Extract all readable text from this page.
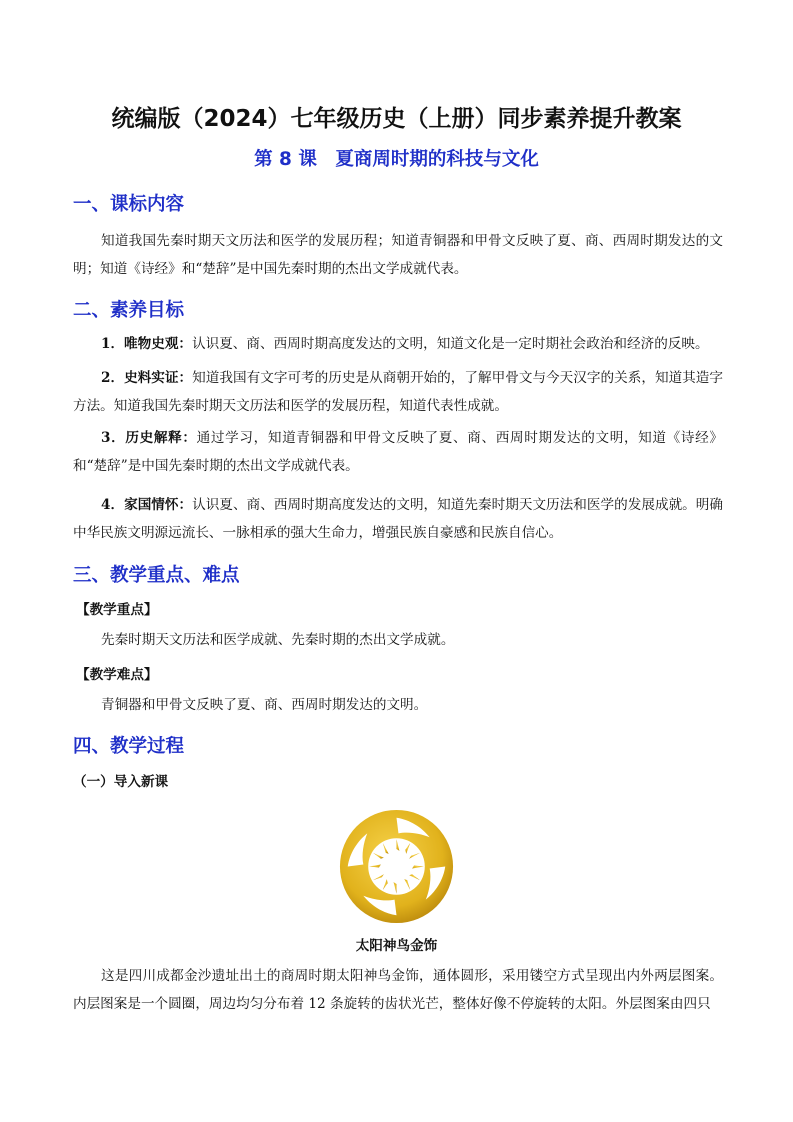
统编版（2024）七年级历史（上册）同步素养提升教案
第 8 课　夏商周时期的科技与文化
一、课标内容
知道我国先秦时期天文历法和医学的发展历程；知道青铜器和甲骨文反映了夏、商、西周时期发达的文明；知道《诗经》和“楚辞”是中国先秦时期的杰出文学成就代表。
二、素养目标
1．唯物史观：认识夏、商、西周时期高度发达的文明，知道文化是一定时期社会政治和经济的反映。
2．史料实证：知道我国有文字可考的历史是从商朝开始的，了解甲骨文与今天汉字的关系，知道其造字方法。知道我国先秦时期天文历法和医学的发展历程，知道代表性成就。
3．历史解释：通过学习，知道青铜器和甲骨文反映了夏、商、西周时期发达的文明，知道《诗经》和“楚辞”是中国先秦时期的杰出文学成就代表。
4．家国情怀：认识夏、商、西周时期高度发达的文明，知道先秦时期天文历法和医学的发展成就。明确中华民族文明源远流长、一脉相承的强大生命力，增强民族自豪感和民族自信心。
三、教学重点、难点
【教学重点】
先秦时期天文历法和医学成就、先秦时期的杰出文学成就。
【教学难点】
青铜器和甲骨文反映了夏、商、西周时期发达的文明。
四、教学过程
（一）导入新课
太阳神鸟金饰
这是四川成都金沙遗址出土的商周时期太阳神鸟金饰，通体圆形，采用镂空方式呈现出内外两层图案。内层图案是一个圆圈，周边均匀分布着 12 条旋转的齿状光芒，整体好像不停旋转的太阳。外层图案由四只
